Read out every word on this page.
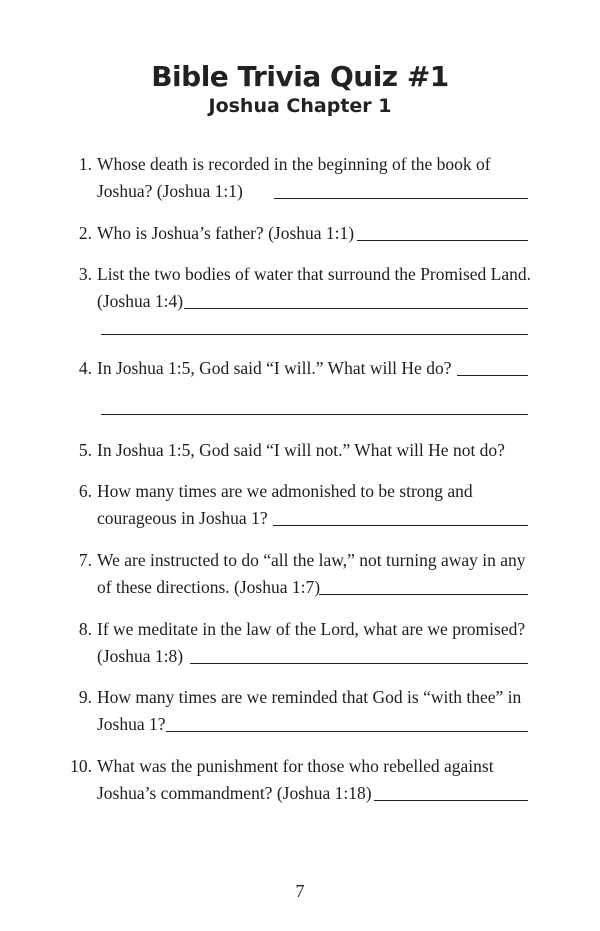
Bible Trivia Quiz #1
Joshua Chapter 1
1. Whose death is recorded in the beginning of the book of
Joshua? (Joshua 1:1)
2. Who is Joshua’s father? (Joshua 1:1)
3. List the two bodies of water that surround the Promised Land.
(Joshua 1:4)
4. In Joshua 1:5, God said “I will.” What will He do?
5. In Joshua 1:5, God said “I will not.” What will He not do?
6. How many times are we admonished to be strong and
courageous in Joshua 1?
7. We are instructed to do “all the law,” not turning away in any
of these directions. (Joshua 1:7)
8. If we meditate in the law of the Lord, what are we promised?
(Joshua 1:8)
9. How many times are we reminded that God is “with thee” in
Joshua 1?
10. What was the punishment for those who rebelled against
Joshua’s commandment? (Joshua 1:18)
7
